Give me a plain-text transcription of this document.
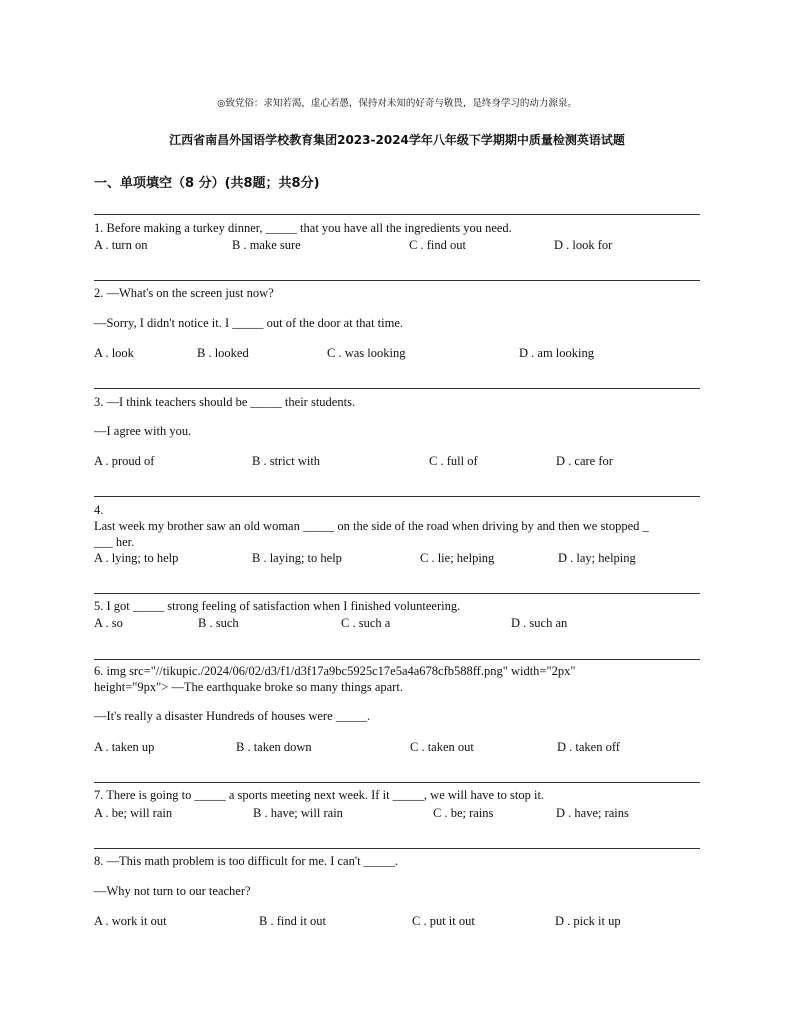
◎致党俗：求知若渴，虚心若愚，保持对未知的好奇与敬畏，是终身学习的动力源泉。
江西省南昌外国语学校教育集团2023-2024学年八年级下学期期中质量检测英语试题
一、单项填空（8 分）(共8题；共8分)
1. Before making a turkey dinner, _____ that you have all the ingredients you need.
A . turn on	B . make sure	C . find out	D . look for
2. —What's on the screen just now?
—Sorry, I didn't notice it. I _____ out of the door at that time.
A . look	B . looked	C . was looking	D . am looking
3. —I think teachers should be _____ their students.
—I agree with you.
A . proud of	B . strict with	C . full of	D . care for
4.
Last week my brother saw an old woman _____ on the side of the road when driving by and then we stopped _
___ her.
A . lying; to help	B . laying; to help	C . lie; helping	D . lay; helping
5. I got _____ strong feeling of satisfaction when I finished volunteering.
A . so	B . such	C . such a	D . such an
6. img src="//tikupic./2024/06/02/d3/f1/d3f17a9bc5925c17e5a4a678cfb588ff.png" width="2px"
height="9px"> —The earthquake broke so many things apart.
—It's really a disaster Hundreds of houses were _____.
A . taken up	B . taken down	C . taken out	D . taken off
7. There is going to _____ a sports meeting next week. If it _____, we will have to stop it.
A . be; will rain	B . have; will rain	C . be; rains	D . have; rains
8. —This math problem is too difficult for me. I can't _____.
—Why not turn to our teacher?
A . work it out	B . find it out	C . put it out	D . pick it up
